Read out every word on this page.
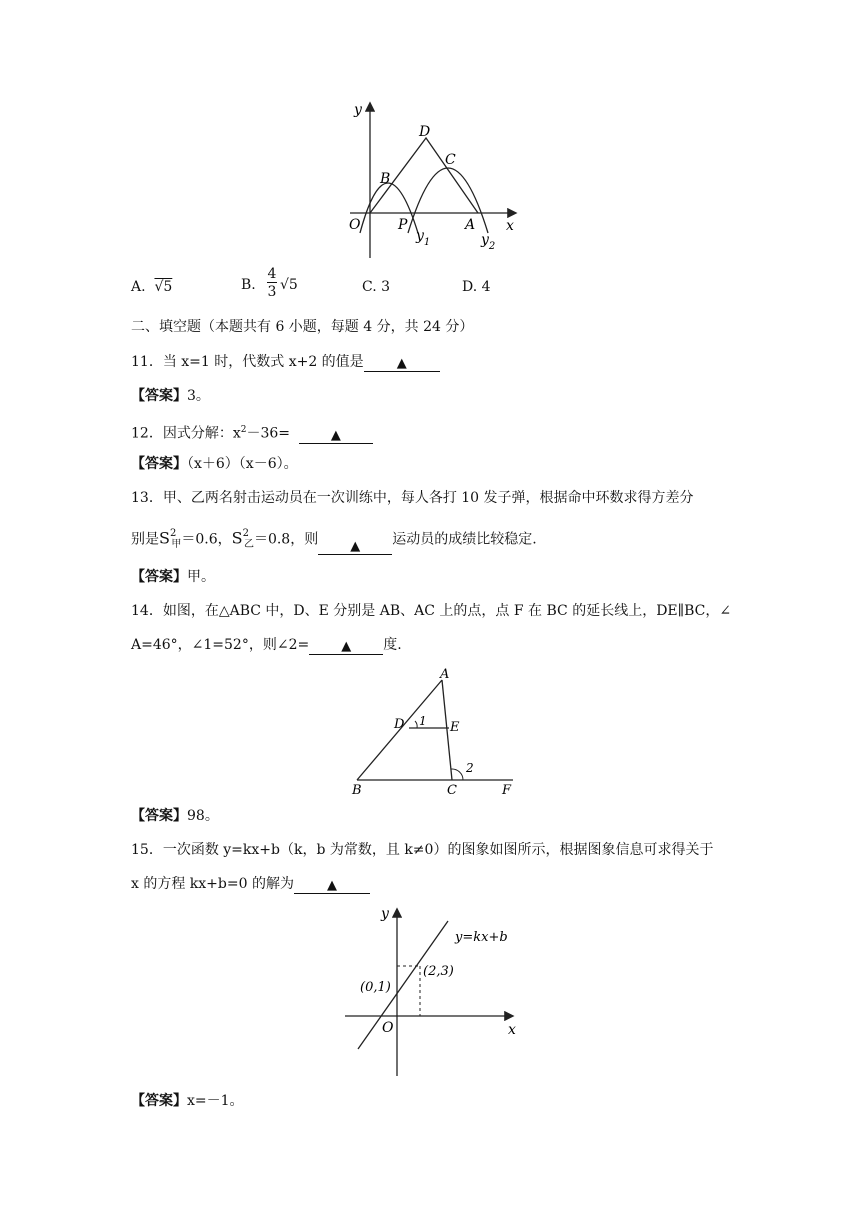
y
x
O
D
C
B
P	A
$y_1$	$y_2$
A. √5	B.
4
3 √5	C. 3	D. 4
二、填空题（本题共有 6 小题，每题 4 分，共 24 分）
11．当 x=1 时，代数式 x+2 的值是	▲
【答案】3。
12．因式分解：$x^2-36=$	▲
【答案】（x＋6）（x－6）。
13．甲、乙两名射击运动员在一次训练中，每人各打 10 发子弹，根据命中环数求得方差分
别是$S^2_甲=0.6$，$S^2_乙=0.8$，则 ▲ 运动员的成绩比较稳定.
【答案】甲。
14．如图，在△ABC 中，D、E 分别是 AB、AC 上的点，点 F 在 BC 的延长线上，DE∥BC，∠
A=46°，∠1=52°，则∠2= ▲ 度.
A
D 1 E
2
B	C	F
【答案】98。
15．一次函数 y=kx+b（k，b 为常数，且 k≠0）的图象如图所示，根据图象信息可求得关于
x 的方程 kx+b=0 的解为	▲
y
x
O
y=kx+b
(0,1)
(2,3)
【答案】x=－1。
